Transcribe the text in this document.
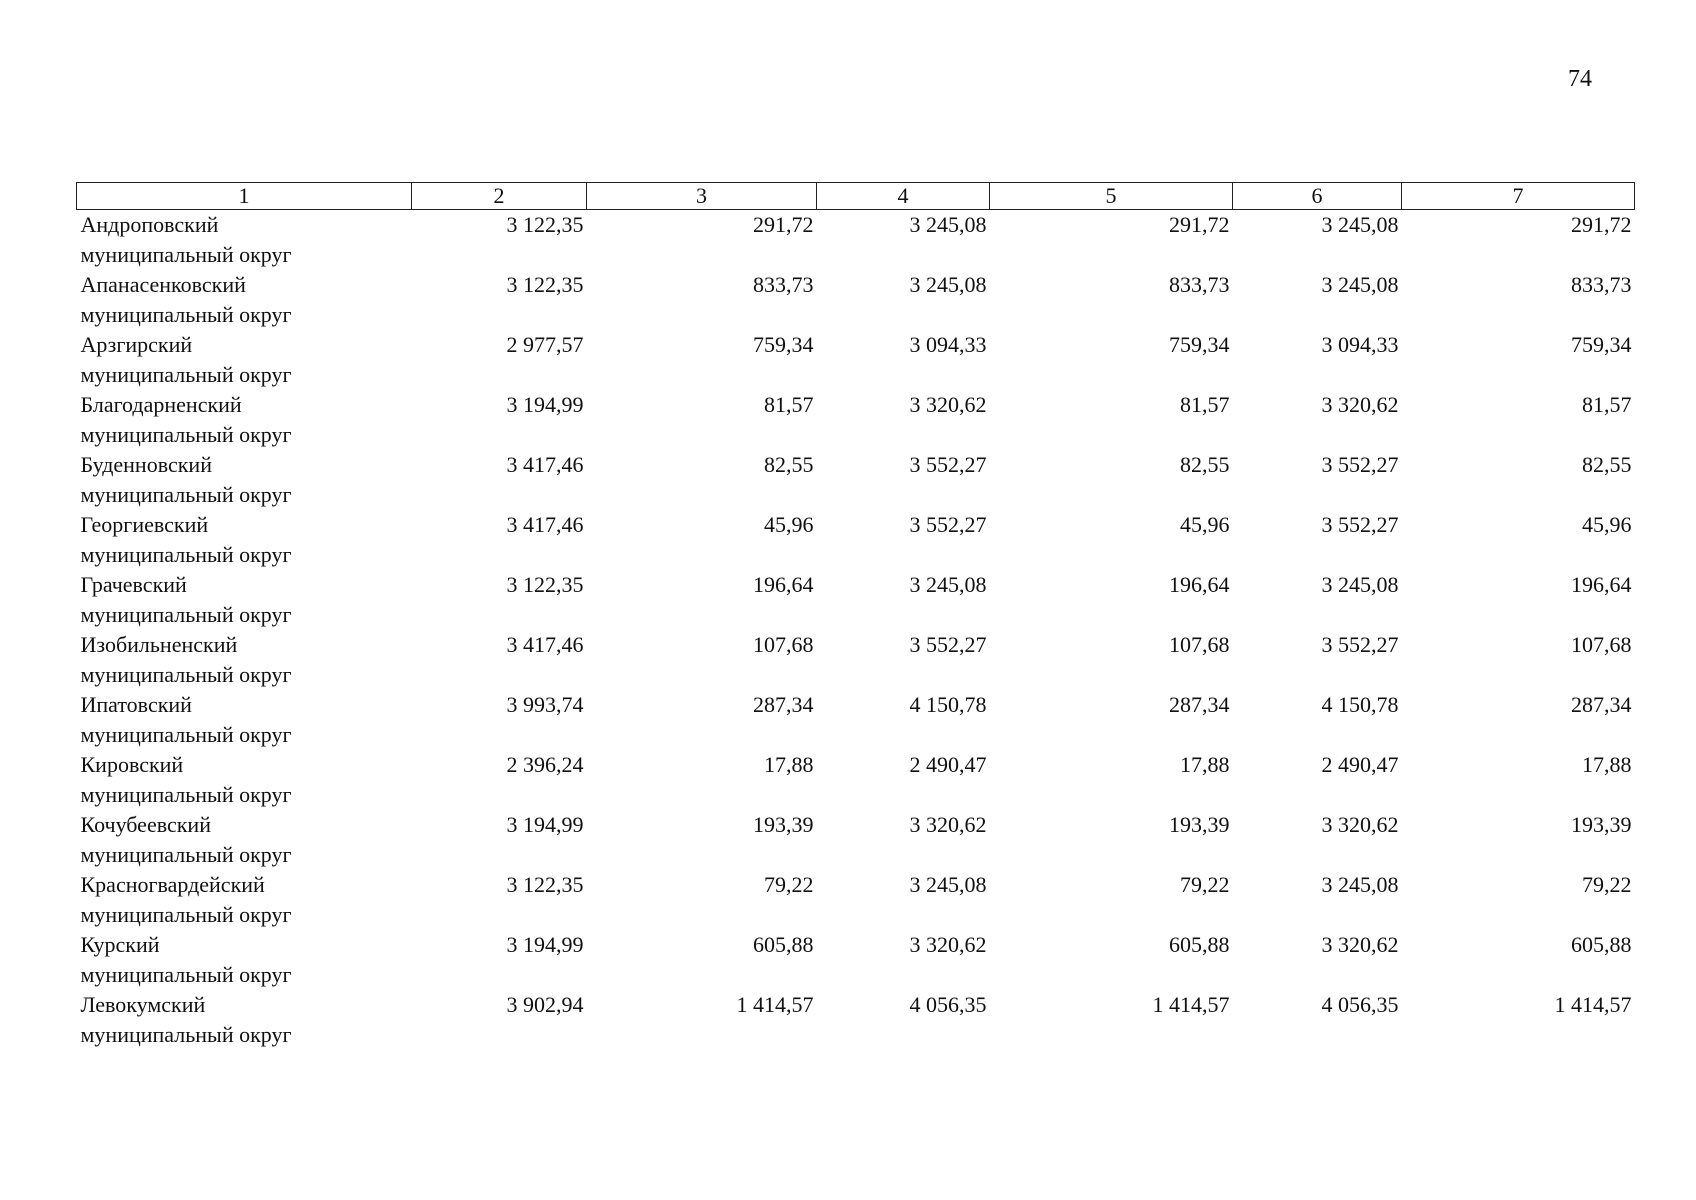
74
1	2	3	4	5	6	7

Андроповский
муниципальный округ	3 122,35	291,72	3 245,08	291,72	3 245,08	291,72

Апанасенковский
муниципальный округ	3 122,35	833,73	3 245,08	833,73	3 245,08	833,73

Арзгирский
муниципальный округ	2 977,57	759,34	3 094,33	759,34	3 094,33	759,34

Благодарненский
муниципальный округ	3 194,99	81,57	3 320,62	81,57	3 320,62	81,57

Буденновский
муниципальный округ	3 417,46	82,55	3 552,27	82,55	3 552,27	82,55

Георгиевский
муниципальный округ	3 417,46	45,96	3 552,27	45,96	3 552,27	45,96

Грачевский
муниципальный округ	3 122,35	196,64	3 245,08	196,64	3 245,08	196,64

Изобильненский
муниципальный округ	3 417,46	107,68	3 552,27	107,68	3 552,27	107,68

Ипатовский
муниципальный округ	3 993,74	287,34	4 150,78	287,34	4 150,78	287,34

Кировский
муниципальный округ	2 396,24	17,88	2 490,47	17,88	2 490,47	17,88

Кочубеевский
муниципальный округ	3 194,99	193,39	3 320,62	193,39	3 320,62	193,39

Красногвардейский
муниципальный округ	3 122,35	79,22	3 245,08	79,22	3 245,08	79,22

Курский
муниципальный округ	3 194,99	605,88	3 320,62	605,88	3 320,62	605,88

Левокумский
муниципальный округ	3 902,94	1 414,57	4 056,35	1 414,57	4 056,35	1 414,57
